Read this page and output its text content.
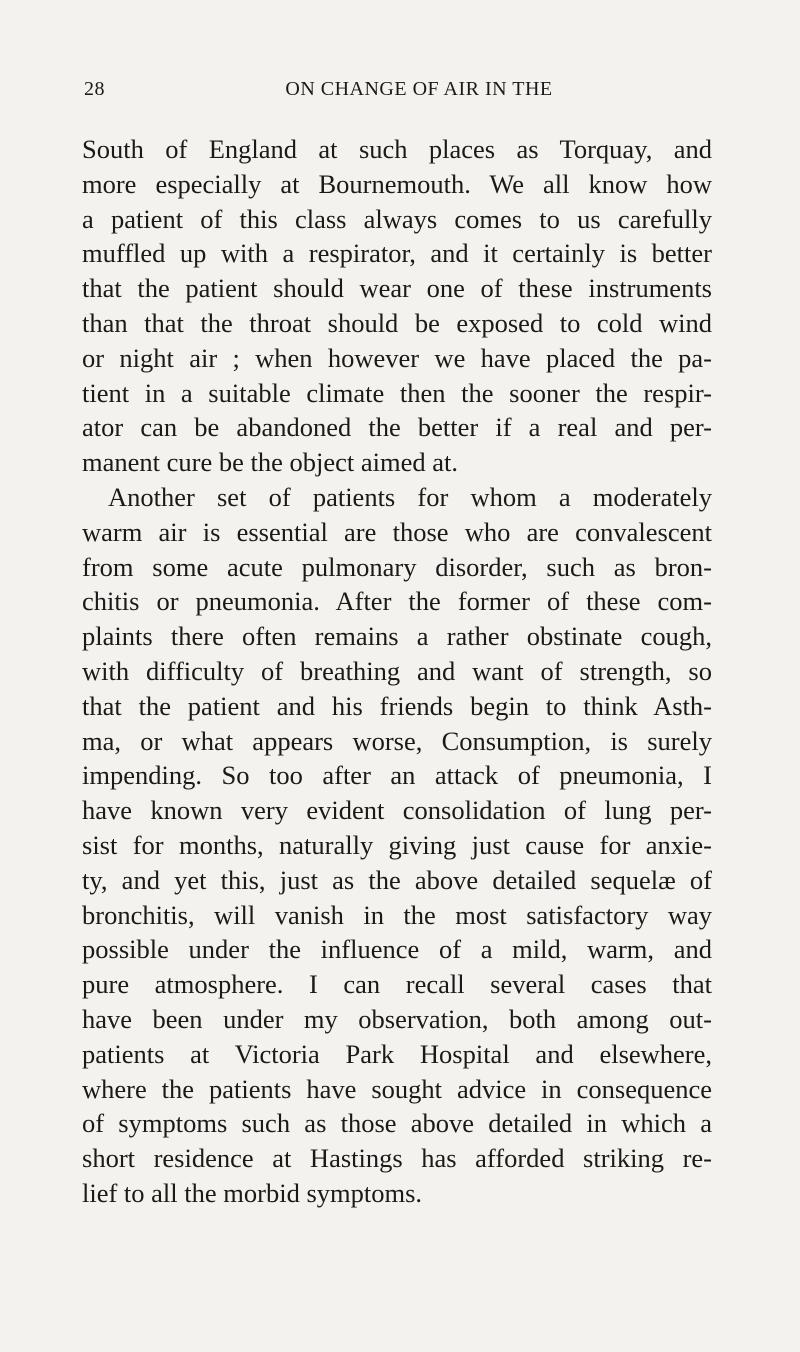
28	ON CHANGE OF AIR IN THE
South of England at such places as Torquay, and
more especially at Bournemouth. We all know how
a patient of this class always comes to us carefully
muffled up with a respirator, and it certainly is better
that the patient should wear one of these instruments
than that the throat should be exposed to cold wind
or night air ; when however we have placed the pa-
tient in a suitable climate then the sooner the respir-
ator can be abandoned the better if a real and per-
manent cure be the object aimed at.
Another set of patients for whom a moderately
warm air is essential are those who are convalescent
from some acute pulmonary disorder, such as bron-
chitis or pneumonia. After the former of these com-
plaints there often remains a rather obstinate cough,
with difficulty of breathing and want of strength, so
that the patient and his friends begin to think Asth-
ma, or what appears worse, Consumption, is surely
impending. So too after an attack of pneumonia, I
have known very evident consolidation of lung per-
sist for months, naturally giving just cause for anxie-
ty, and yet this, just as the above detailed sequelæ of
bronchitis, will vanish in the most satisfactory way
possible under the influence of a mild, warm, and
pure atmosphere. I can recall several cases that
have been under my observation, both among out-
patients at Victoria Park Hospital and elsewhere,
where the patients have sought advice in consequence
of symptoms such as those above detailed in which a
short residence at Hastings has afforded striking re-
lief to all the morbid symptoms.
